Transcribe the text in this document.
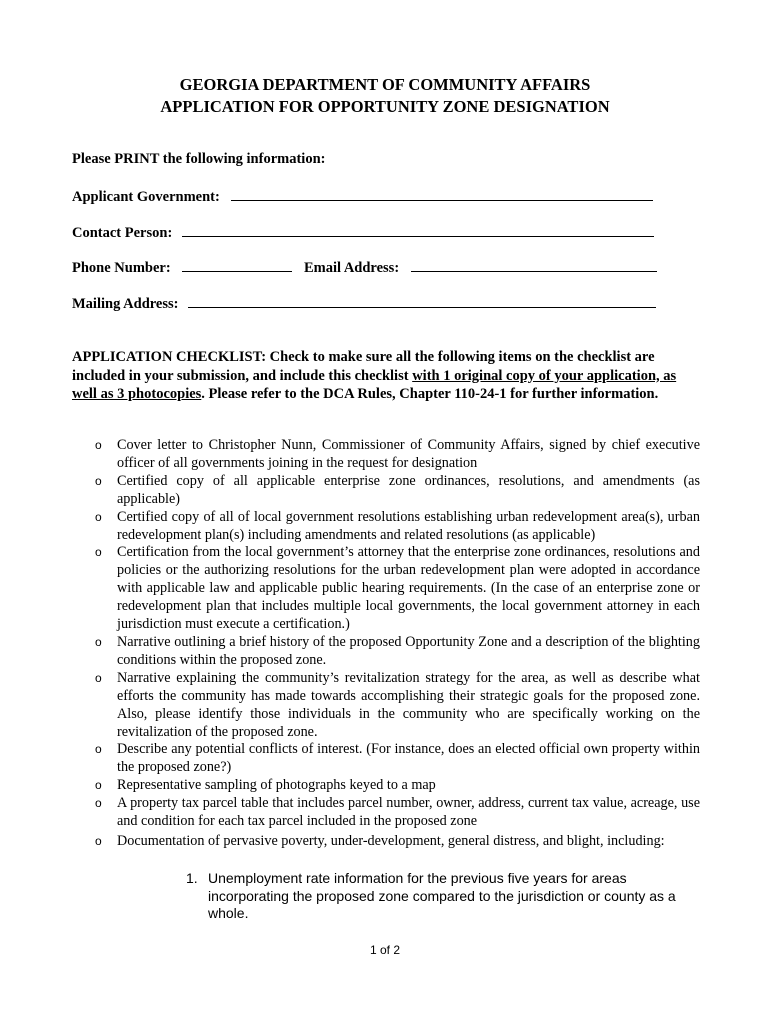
GEORGIA DEPARTMENT OF COMMUNITY AFFAIRS
APPLICATION FOR OPPORTUNITY ZONE DESIGNATION
Please PRINT the following information:
Applicant Government:
Contact Person:
Phone Number:	Email Address:
Mailing Address:
APPLICATION CHECKLIST: Check to make sure all the following items on the checklist are included in your submission, and include this checklist with 1 original copy of your application, as well as 3 photocopies. Please refer to the DCA Rules, Chapter 110-24-1 for further information.
o Cover letter to Christopher Nunn, Commissioner of Community Affairs, signed by chief executive officer of all governments joining in the request for designation
o Certified copy of all applicable enterprise zone ordinances, resolutions, and amendments (as applicable)
o Certified copy of all of local government resolutions establishing urban redevelopment area(s), urban redevelopment plan(s) including amendments and related resolutions (as applicable)
o Certification from the local government’s attorney that the enterprise zone ordinances, resolutions and policies or the authorizing resolutions for the urban redevelopment plan were adopted in accordance with applicable law and applicable public hearing requirements. (In the case of an enterprise zone or redevelopment plan that includes multiple local governments, the local government attorney in each jurisdiction must execute a certification.)
o Narrative outlining a brief history of the proposed Opportunity Zone and a description of the blighting conditions within the proposed zone.
o Narrative explaining the community’s revitalization strategy for the area, as well as describe what efforts the community has made towards accomplishing their strategic goals for the proposed zone. Also, please identify those individuals in the community who are specifically working on the revitalization of the proposed zone.
o Describe any potential conflicts of interest. (For instance, does an elected official own property within the proposed zone?)
o Representative sampling of photographs keyed to a map
o A property tax parcel table that includes parcel number, owner, address, current tax value, acreage, use and condition for each tax parcel included in the proposed zone
o Documentation of pervasive poverty, under-development, general distress, and blight, including:
1. Unemployment rate information for the previous five years for areas incorporating the proposed zone compared to the jurisdiction or county as a whole.
1 of 2
